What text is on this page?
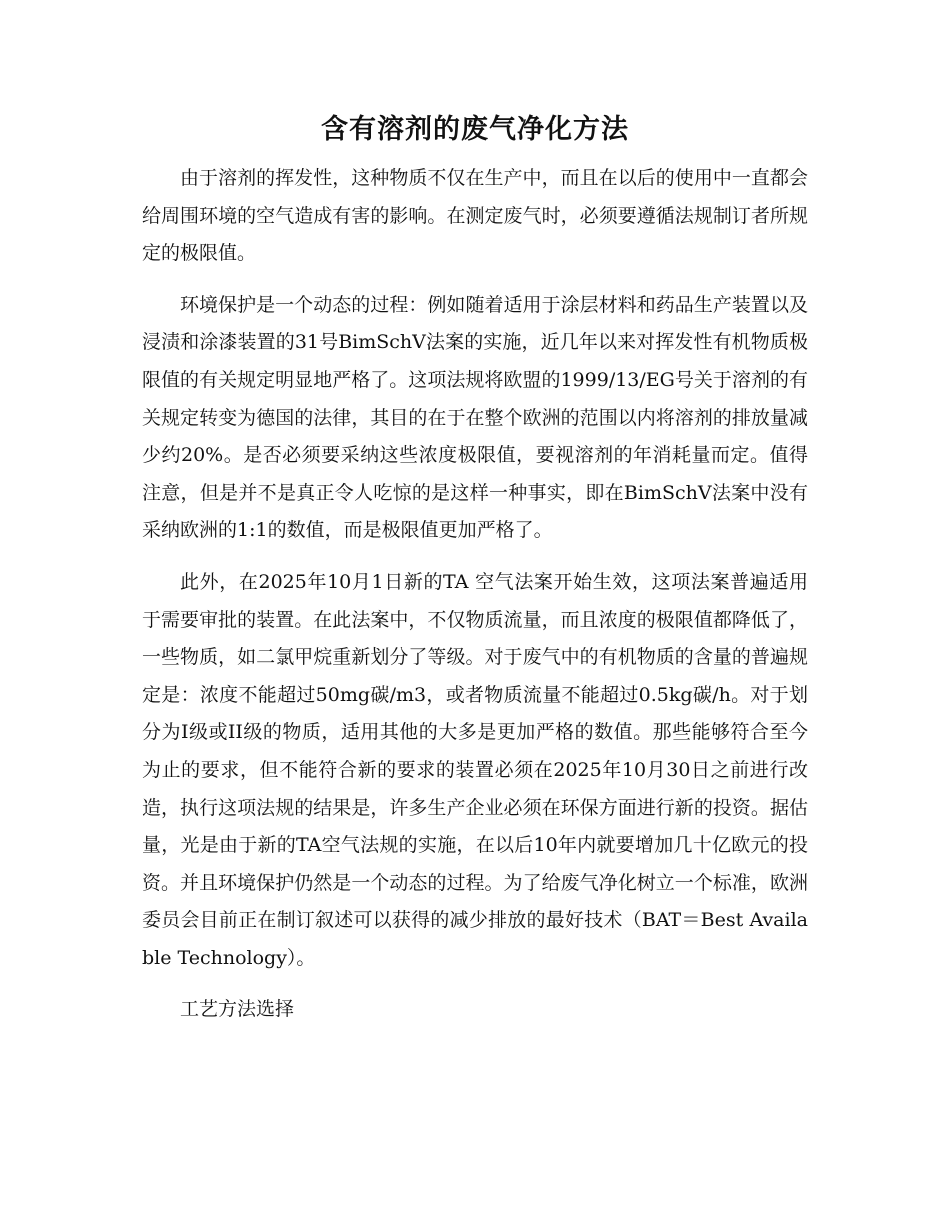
含有溶剂的废气净化方法

由于溶剂的挥发性，这种物质不仅在生产中，而且在以后的使用中一直都会给周围环境的空气造成有害的影响。在测定废气时，必须要遵循法规制订者所规定的极限值。

环境保护是一个动态的过程：例如随着适用于涂层材料和药品生产装置以及浸渍和涂漆装置的31号BimSchV法案的实施，近几年以来对挥发性有机物质极限值的有关规定明显地严格了。这项法规将欧盟的1999/13/EG号关于溶剂的有关规定转变为德国的法律，其目的在于在整个欧洲的范围以内将溶剂的排放量减少约20%。是否必须要采纳这些浓度极限值，要视溶剂的年消耗量而定。值得注意，但是并不是真正令人吃惊的是这样一种事实，即在BimSchV法案中没有采纳欧洲的1:1的数值，而是极限值更加严格了。

此外，在2025年10月1日新的TA 空气法案开始生效，这项法案普遍适用于需要审批的装置。在此法案中，不仅物质流量，而且浓度的极限值都降低了，一些物质，如二氯甲烷重新划分了等级。对于废气中的有机物质的含量的普遍规定是：浓度不能超过50mg碳/m3，或者物质流量不能超过0.5kg碳/h。对于划分为I级或II级的物质，适用其他的大多是更加严格的数值。那些能够符合至今为止的要求，但不能符合新的要求的装置必须在2025年10月30日之前进行改造，执行这项法规的结果是，许多生产企业必须在环保方面进行新的投资。据估量，光是由于新的TA空气法规的实施，在以后10年内就要增加几十亿欧元的投资。并且环境保护仍然是一个动态的过程。为了给废气净化树立一个标准，欧洲委员会目前正在制订叙述可以获得的减少排放的最好技术（BAT＝Best Available Technology）。

工艺方法选择
